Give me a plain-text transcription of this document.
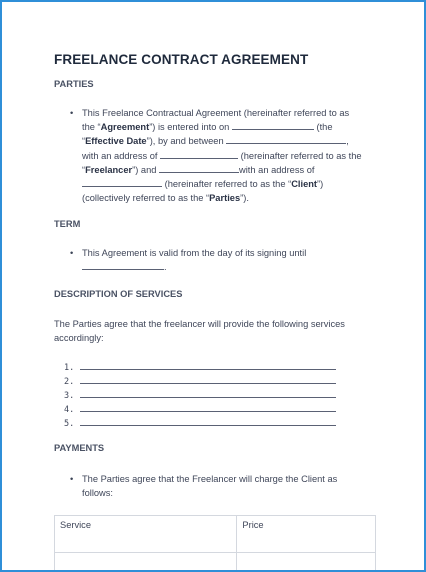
FREELANCE CONTRACT AGREEMENT
PARTIES
• This Freelance Contractual Agreement (hereinafter referred to as
the “Agreement”) is entered into on	(the
“Effective Date”), by and between	,
with an address of	(hereinafter referred to as the
“Freelancer”) and	with an address of
(hereinafter referred to as the “Client”)
(collectively referred to as the “Parties”).
TERM
• This Agreement is valid from the day of its signing until
.
DESCRIPTION OF SERVICES
The Parties agree that the freelancer will provide the following services
accordingly:
1.
2.
3.
4.
5.
PAYMENTS
• The Parties agree that the Freelancer will charge the Client as
follows:
Service	Price
